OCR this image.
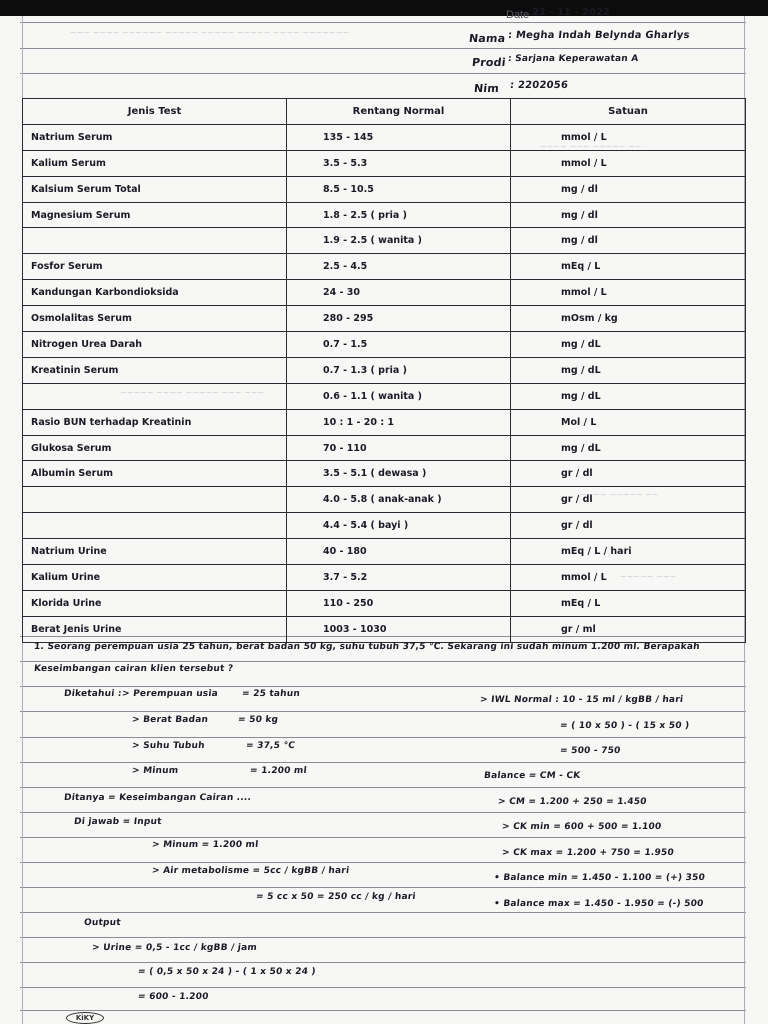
~~~ ~~~~ ~~~~~~ ~~~~~ ~~~~~ ~~~~~ ~~~~ ~~~~~~~
~~~~ ~~~ ~~~~~ ~~
~~~~~ ~~~~ ~~~~~ ~~~ ~~~
~~~~ ~~~~~ ~~
~~~~~ ~~~
Date 21 - 11 - 2022
Nama : Megha Indah Belynda Gharlys
Prodi : Sarjana Keperawatan A
Nim : 2202056
Jenis Test	Rentang Normal	Satuan
Natrium Serum	135 - 145	mmol / L
Kalium Serum	3.5 - 5.3	mmol / L
Kalsium Serum Total	8.5 - 10.5	mg / dl
Magnesium Serum	1.8 - 2.5 ( pria )	mg / dl
	1.9 - 2.5 ( wanita )	mg / dl
Fosfor Serum	2.5 - 4.5	mEq / L
Kandungan Karbondioksida	24 - 30	mmol / L
Osmolalitas Serum	280 - 295	mOsm / kg
Nitrogen Urea Darah	0.7 - 1.5	mg / dL
Kreatinin Serum	0.7 - 1.3 ( pria )	mg / dL
	0.6 - 1.1 ( wanita )	mg / dL
Rasio BUN terhadap Kreatinin	10 : 1 - 20 : 1	Mol / L
Glukosa Serum	70 - 110	mg / dL
Albumin Serum	3.5 - 5.1 ( dewasa )	gr / dl
	4.0 - 5.8 ( anak-anak )	gr / dl
	4.4 - 5.4 ( bayi )	gr / dl
Natrium Urine	40 - 180	mEq / L / hari
Kalium Urine	3.7 - 5.2	mmol / L
Klorida Urine	110 - 250	mEq / L
Berat Jenis Urine	1003 - 1030	gr / ml
1. Seorang perempuan usia 25 tahun, berat badan 50 kg, suhu tubuh 37,5 °C. Sekarang ini sudah minum 1.200 ml. Berapakah
Keseimbangan cairan klien tersebut ?
Diketahui : > Perempuan usia	= 25 tahun
> Berat Badan	= 50 kg
> Suhu Tubuh	= 37,5 °C
> Minum	= 1.200 ml
> IWL Normal : 10 - 15 ml / kgBB / hari
= ( 10 x 50 ) - ( 15 x 50 )
= 500 - 750
Balance = CM - CK
> CM = 1.200 + 250 = 1.450
Ditanya = Keseimbangan Cairan ....
Di jawab = Input	> CK min = 600 + 500 = 1.100
> Minum = 1.200 ml
> CK max = 1.200 + 750 = 1.950
> Air metabolisme = 5cc / kgBB / hari
• Balance min = 1.450 - 1.100 = (+) 350
= 5 cc x 50 = 250 cc / kg / hari
• Balance max = 1.450 - 1.950 = (-) 500
Output
> Urine = 0,5 - 1cc / kgBB / jam
= ( 0,5 x 50 x 24 ) - ( 1 x 50 x 24 )
= 600 - 1.200
KiKY
